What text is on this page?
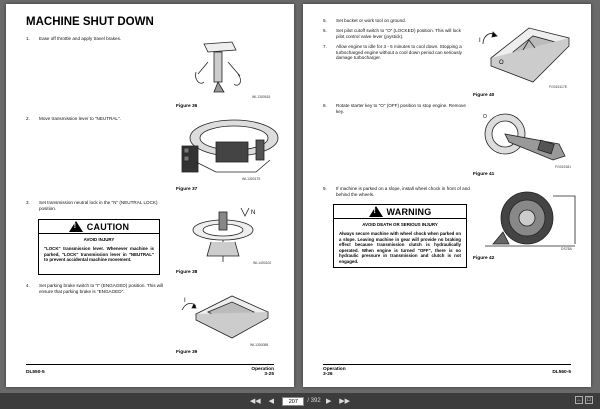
MACHINE SHUT DOWN
1. Ease off throttle and apply travel brakes.
WL1300515
Figure 36
2. Move transmission lever to "NEUTRAL".
WL1300175
Figure 37
3. Set transmission neutral lock in the "N" (NEUTRAL LOCK) position.
! CAUTION
AVOID INJURY
"LOCK" transmission lever. Whenever machine is parked, "LOCK" transmission lever in "NEUTRAL" to prevent accidental machine movement.
N
WL1400102
Figure 38
4. Set parking brake switch to "I" (ENGAGED) position. This will ensure that parking brake is "ENGAGED".
I
WL1300085
Figure 39
DL550-5
Operation
3-25
5. Set bucket or work tool on ground.
6. Set pilot cutoff switch to "O" (LOCKED) position. This will lock pilot control valve lever (joystick).
7. Allow engine to idle for 3 - 5 minutes to cool down. Stopping a turbocharged engine without a cool down period can seriously damage turbocharger.
I
O
FG015117E
Figure 40
8. Rotate starter key to "O" (OFF) position to stop engine. Remove key.
O
FG019181
Figure 41
9. If machine is parked on a slope, install wheel chock in front of and behind the wheels.
! WARNING
AVOID DEATH OR SERIOUS INJURY
Always secure machine with wheel chock when parked on a slope. Leaving machine in gear will provide no braking effect because transmission clutch is hydraulically operated. When engine is turned "OFF", there is no hydraulic pressure in transmission and clutch is not engaged.
DS78A
Figure 42
Operation
3-26	DL550-5
◀◀	◀	207	/ 392 ▶	▶▶	↔	☐
